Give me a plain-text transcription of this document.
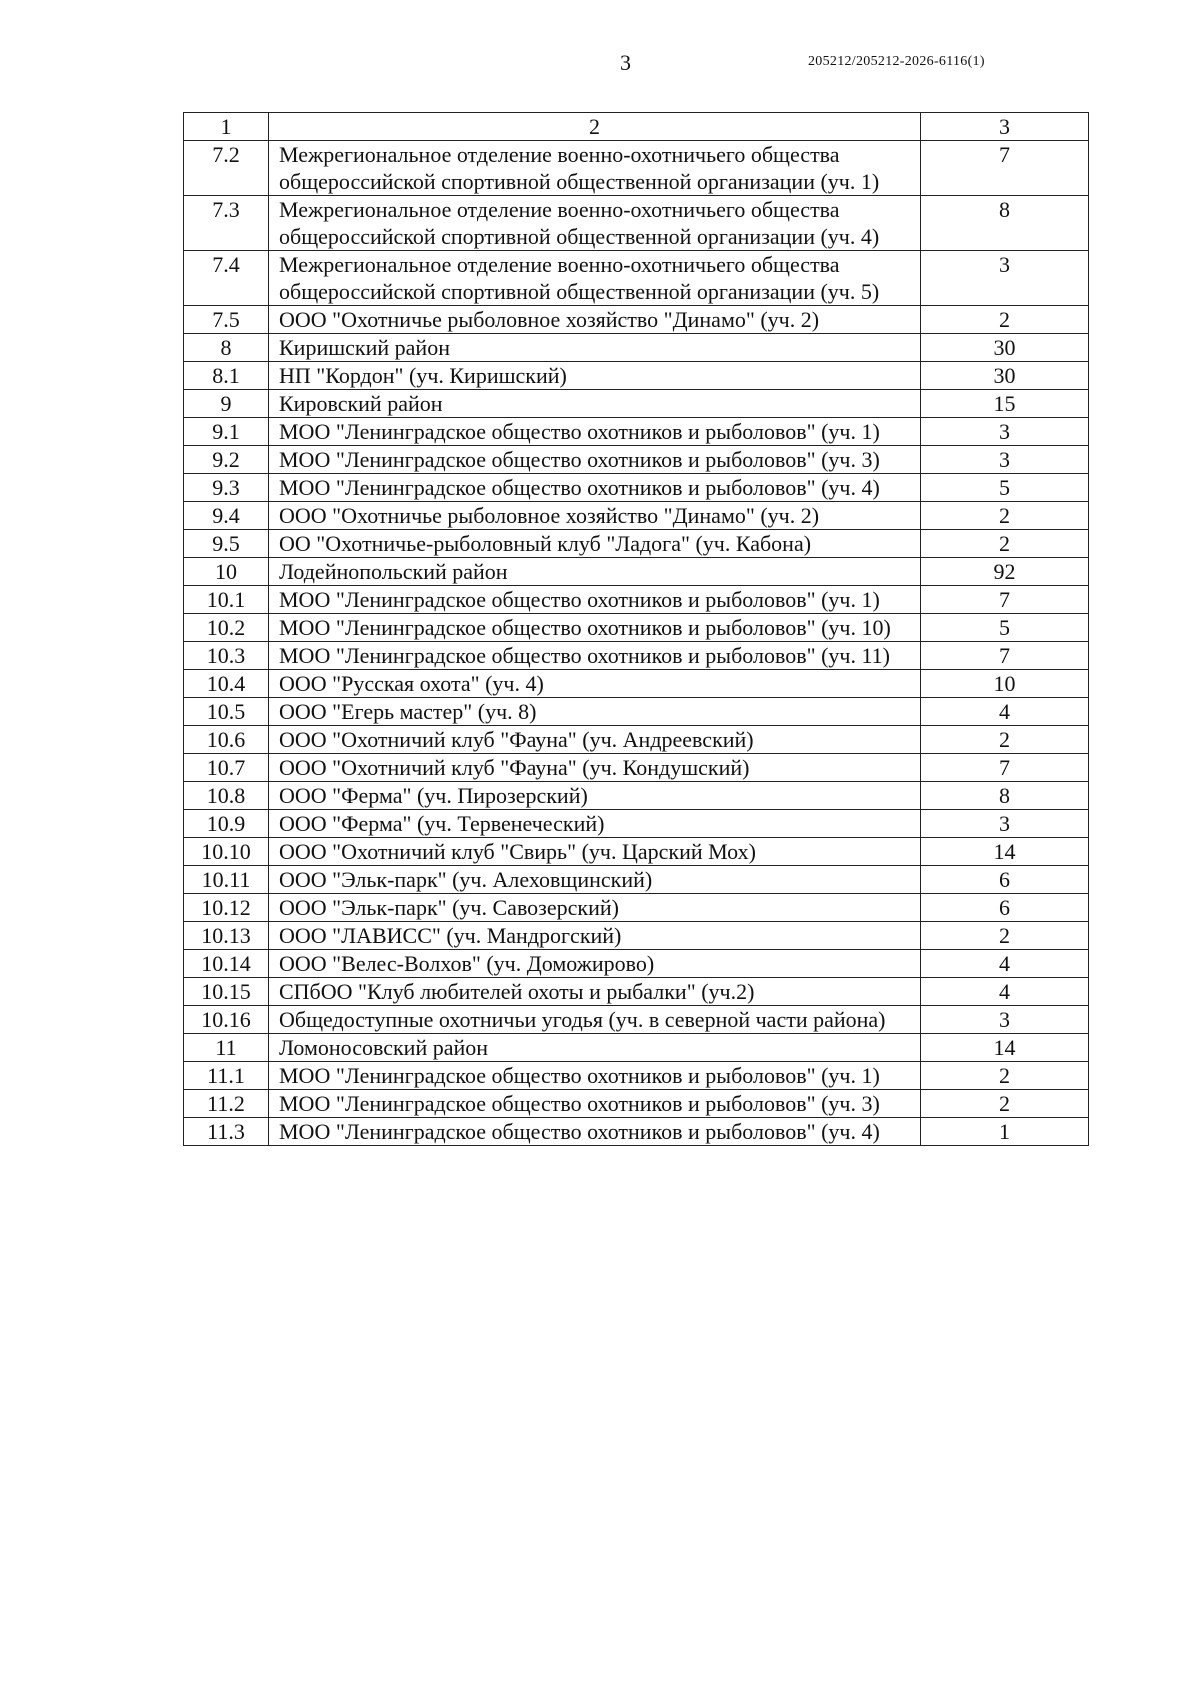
3	205212/205212-2026-6116(1)
1	2	3
7.2	Межрегиональное отделение военно-охотничьего общества общероссийской спортивной общественной организации (уч. 1)	7
7.3	Межрегиональное отделение военно-охотничьего общества общероссийской спортивной общественной организации (уч. 4)	8
7.4	Межрегиональное отделение военно-охотничьего общества общероссийской спортивной общественной организации (уч. 5)	3
7.5	ООО "Охотничье рыболовное хозяйство "Динамо" (уч. 2)	2
8	Киришский район	30
8.1	НП "Кордон" (уч. Киришский)	30
9	Кировский район	15
9.1	МОО "Ленинградское общество охотников и рыболовов" (уч. 1)	3
9.2	МОО "Ленинградское общество охотников и рыболовов" (уч. 3)	3
9.3	МОО "Ленинградское общество охотников и рыболовов" (уч. 4)	5
9.4	ООО "Охотничье рыболовное хозяйство "Динамо" (уч. 2)	2
9.5	ОО "Охотничье-рыболовный клуб "Ладога" (уч. Кабона)	2
10	Лодейнопольский район	92
10.1	МОО "Ленинградское общество охотников и рыболовов" (уч. 1)	7
10.2	МОО "Ленинградское общество охотников и рыболовов" (уч. 10)	5
10.3	МОО "Ленинградское общество охотников и рыболовов" (уч. 11)	7
10.4	ООО "Русская охота" (уч. 4)	10
10.5	ООО "Егерь мастер" (уч. 8)	4
10.6	ООО "Охотничий клуб "Фауна" (уч. Андреевский)	2
10.7	ООО "Охотничий клуб "Фауна" (уч. Кондушский)	7
10.8	ООО "Ферма" (уч. Пирозерский)	8
10.9	ООО "Ферма" (уч. Тервенеческий)	3
10.10	ООО "Охотничий клуб "Свирь" (уч. Царский Мох)	14
10.11	ООО "Эльк-парк" (уч. Алеховщинский)	6
10.12	ООО "Эльк-парк" (уч. Савозерский)	6
10.13	ООО "ЛАВИСС" (уч. Мандрогский)	2
10.14	ООО "Велес-Волхов" (уч. Доможирово)	4
10.15	СПбОО "Клуб любителей охоты и рыбалки" (уч.2)	4
10.16	Общедоступные охотничьи угодья (уч. в северной части района)	3
11	Ломоносовский район	14
11.1	МОО "Ленинградское общество охотников и рыболовов" (уч. 1)	2
11.2	МОО "Ленинградское общество охотников и рыболовов" (уч. 3)	2
11.3	МОО "Ленинградское общество охотников и рыболовов" (уч. 4)	1
